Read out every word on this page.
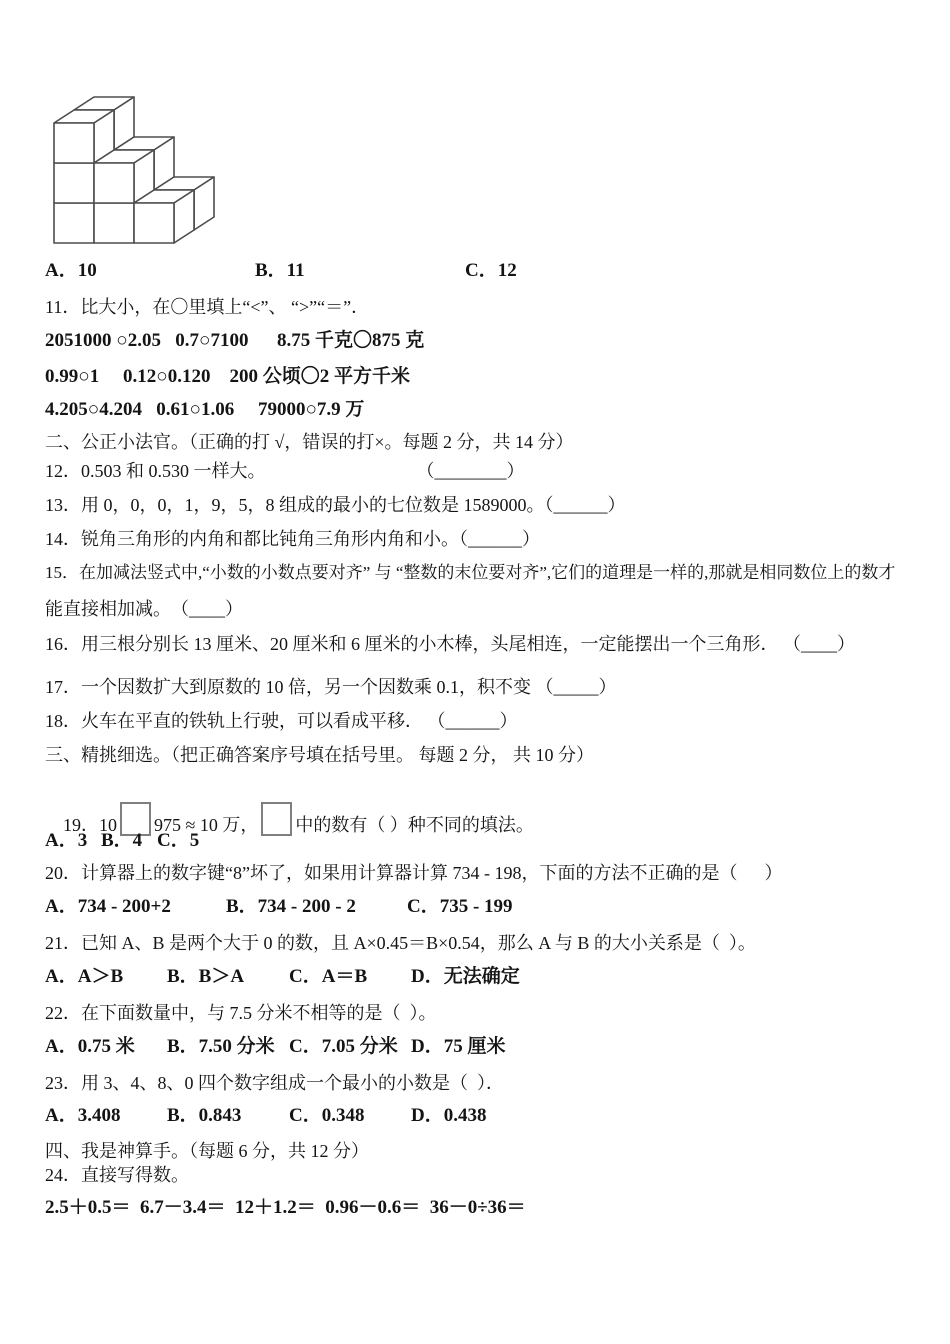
A．10	B．11	C．12
11．比大小，在〇里填上“<”、 “>”“＝”．
2051000 ○2.05   0.7○7100      8.75 千克〇875 克
0.99○1     0.12○0.120    200 公顷〇2 平方千米
4.205○4.204   0.61○1.06     79000○7.9 万
二、公正小法官。（正确的打 √，错误的打×。每题 2 分，共 14 分）
12．0.503 和 0.530 一样大。	（________）
13．用 0，0，0，1，9，5，8 组成的最小的七位数是 1589000。（______）
14．锐角三角形的内角和都比钝角三角形内角和小。（______）
15．在加减法竖式中,“小数的小数点要对齐” 与 “整数的末位要对齐”,它们的道理是一样的,那就是相同数位上的数才
能直接相加减。　（____）
16．用三根分别长 13 厘米、20 厘米和 6 厘米的小木棒，头尾相连，一定能摆出一个三角形． （____）
17．一个因数扩大到原数的 10 倍，另一个因数乘 0.1，积不变 （_____）
18．火车在平直的铁轨上行驶，可以看成平移． （______）
三、精挑细选。（把正确答案序号填在括号里。 每题 2 分， 共 10 分）

19．10 975 ≈ 10 万， 中的数有（ ）种不同的填法。

A．3 B．4 C．5
20．计算器上的数字键“8”坏了，如果用计算器计算 734 - 198，下面的方法不正确的是（      ）
A．734 - 200+2	B．734 - 200 - 2	C．735 - 199
21．已知 A、B 是两个大于 0 的数，且 A×0.45＝B×0.54，那么 A 与 B 的大小关系是（  ）。
A．A＞B	B．B＞A	C．A＝B	D．无法确定
22．在下面数量中，与 7.5 分米不相等的是（  ）。
A．0.75 米	B．7.50 分米 C．7.05 分米 D．75 厘米
23．用 3、4、8、0 四个数字组成一个最小的小数是（  ）．
A．3.408	B．0.843	C．0.348	D．0.438
四、我是神算手。（每题 6 分，共 12 分）
24．直接写得数。
2.5＋0.5＝  6.7－3.4＝  12＋1.2＝  0.96－0.6＝  36－0÷36＝
